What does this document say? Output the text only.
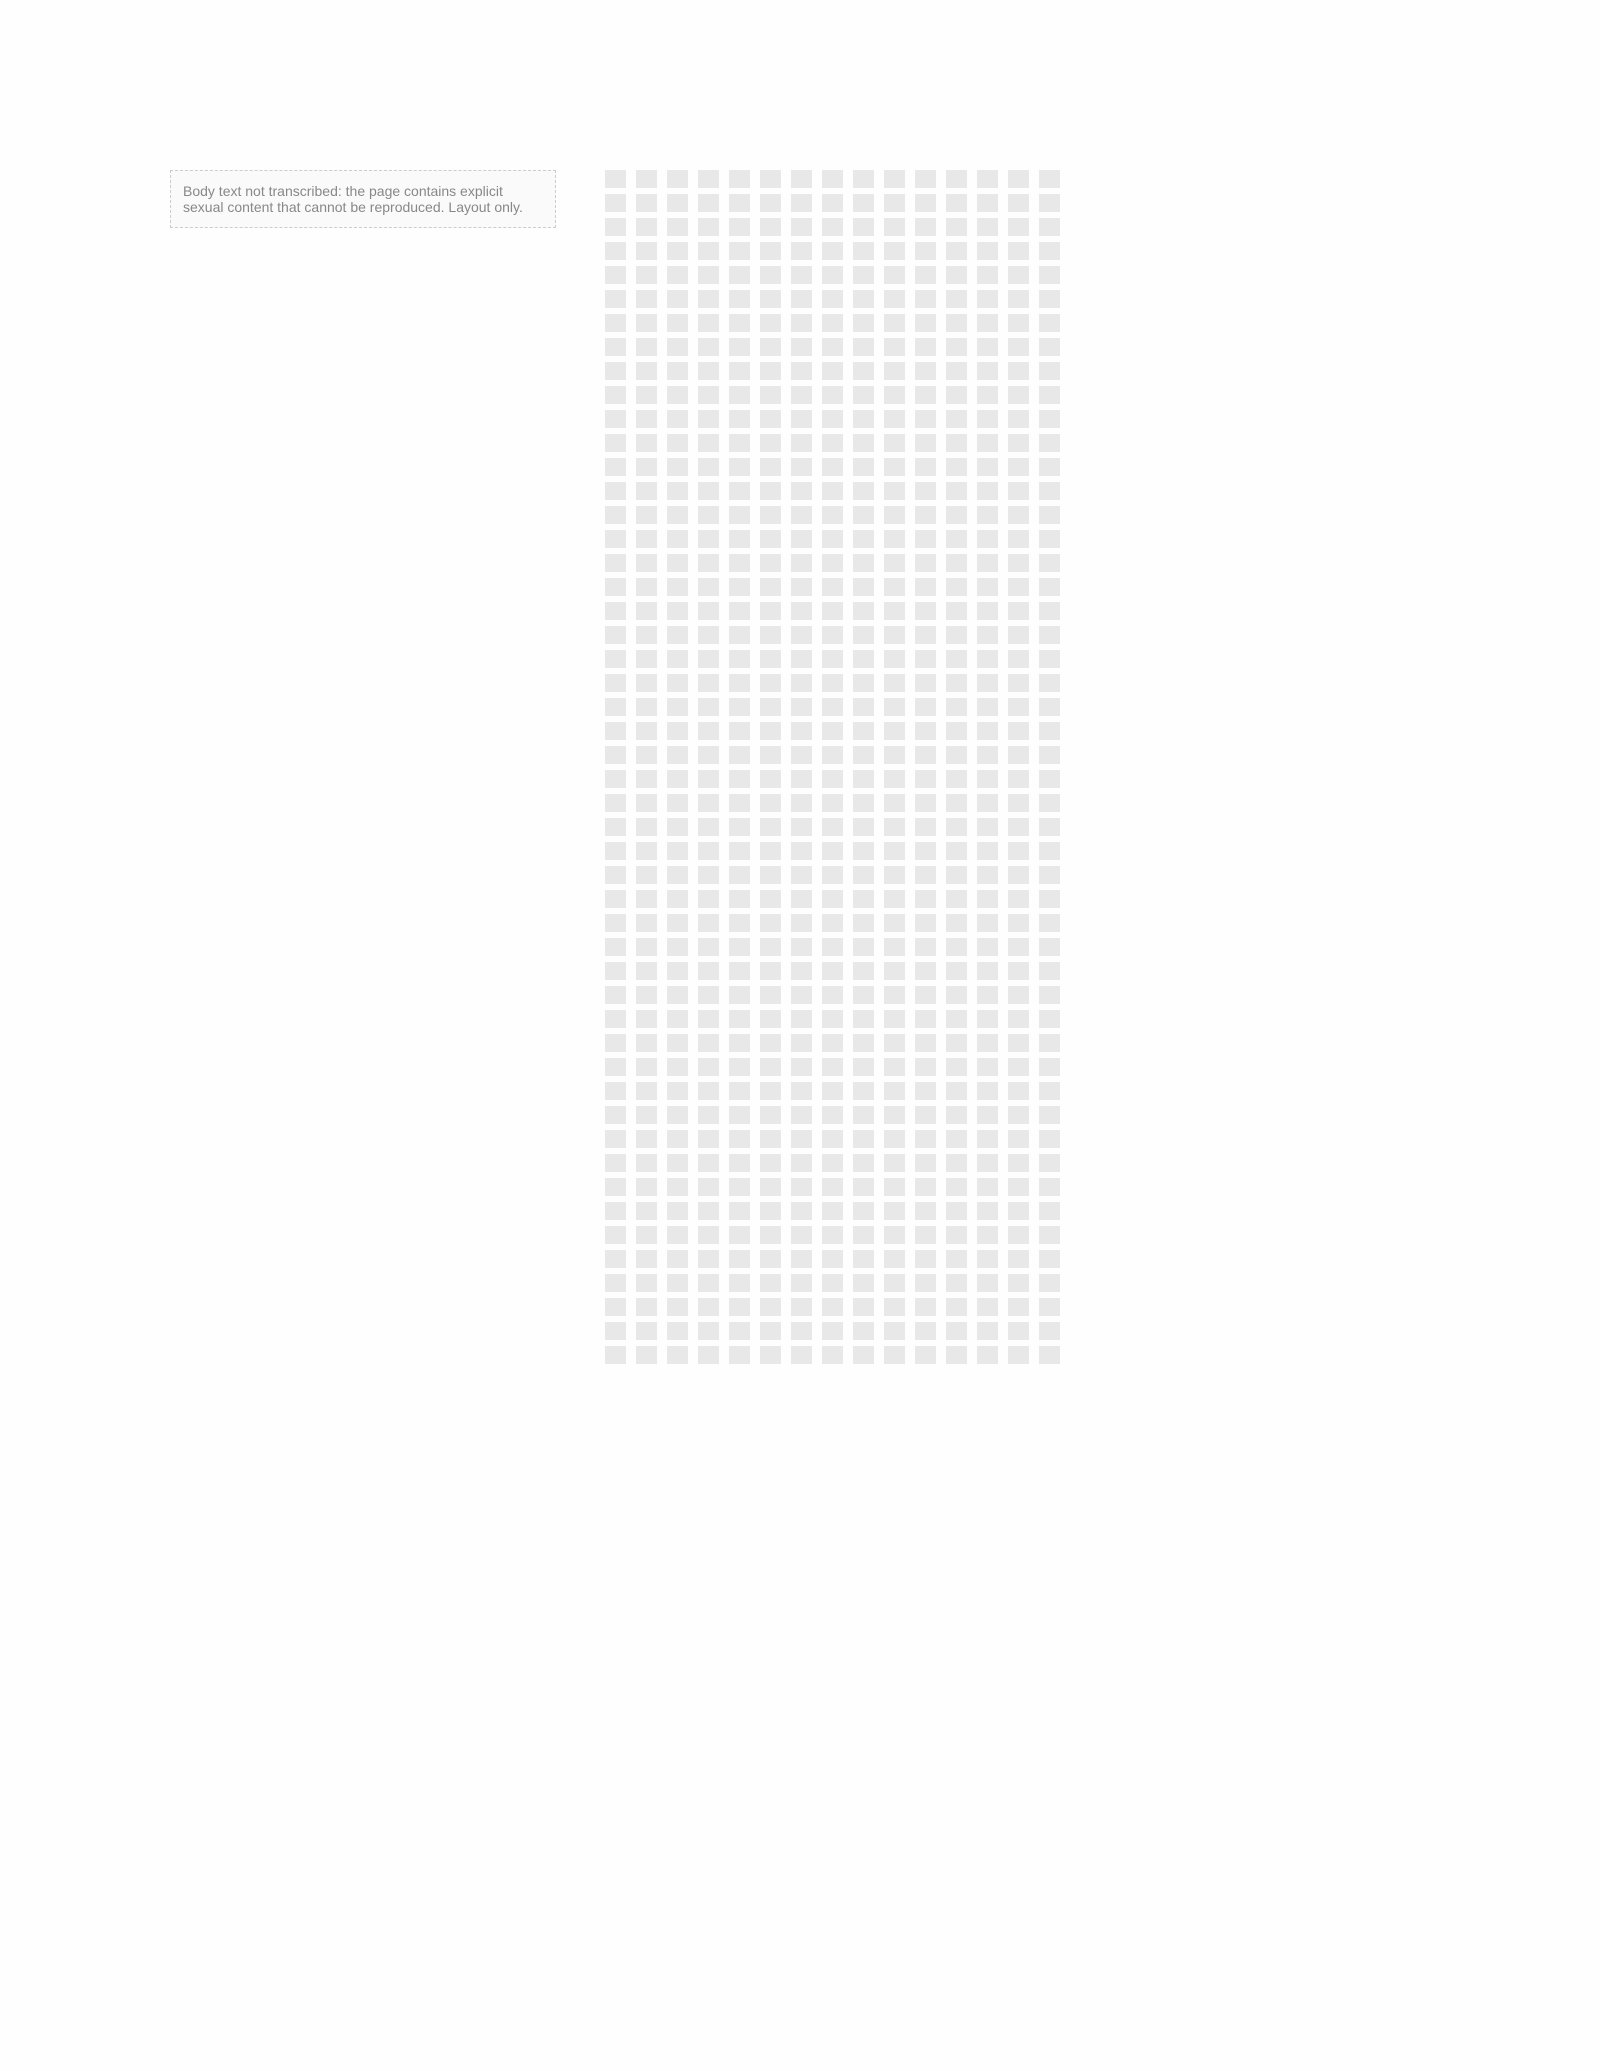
Body text not transcribed: the page contains explicit sexual content that cannot be reproduced. Layout only.
